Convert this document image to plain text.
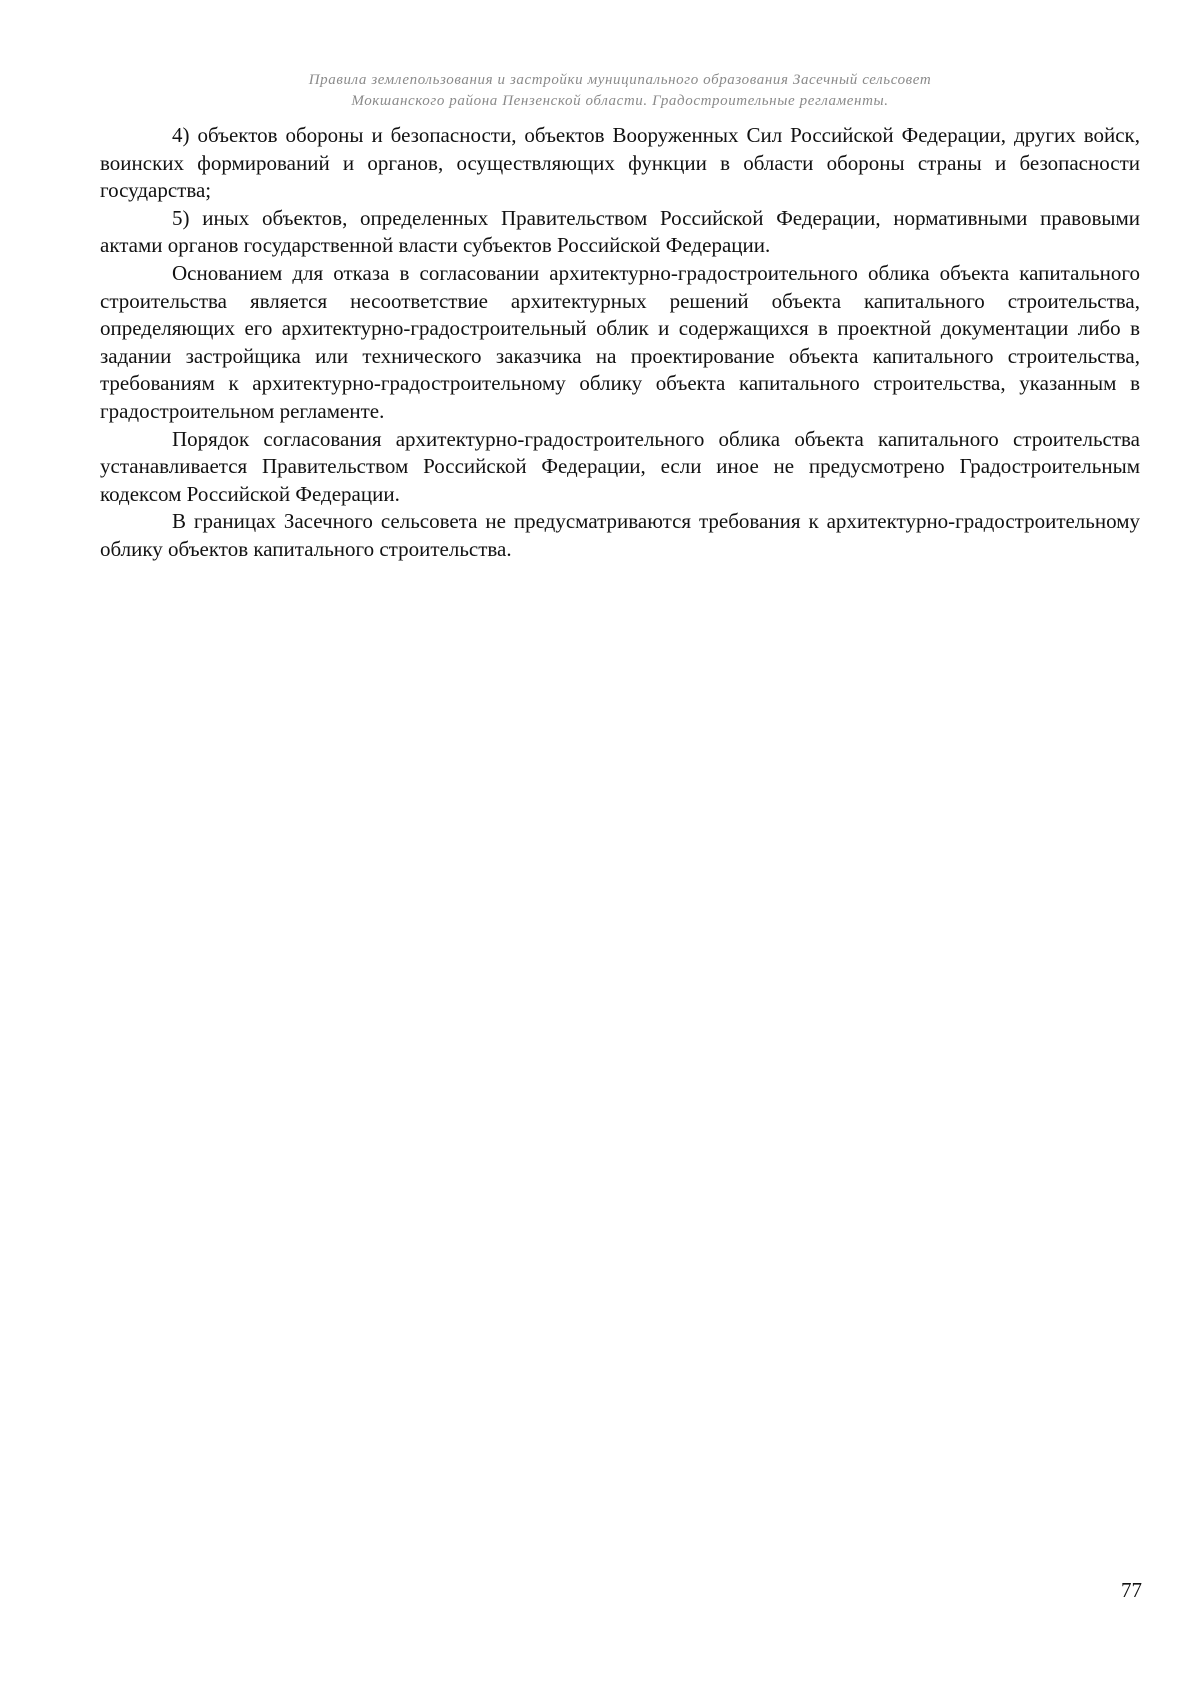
Правила землепользования и застройки муниципального образования Засечный сельсовет
Мокшанского района Пензенской области. Градостроительные регламенты.

4) объектов обороны и безопасности, объектов Вооруженных Сил Российской Федерации, других войск, воинских формирований и органов, осуществляющих функции в области обороны страны и безопасности государства;

5) иных объектов, определенных Правительством Российской Федерации, нормативными правовыми актами органов государственной власти субъектов Российской Федерации.

Основанием для отказа в согласовании архитектурно-градостроительного облика объекта капитального строительства является несоответствие архитектурных решений объекта капитального строительства, определяющих его архитектурно-градостроительный облик и содержащихся в проектной документации либо в задании застройщика или технического заказчика на проектирование объекта капитального строительства, требованиям к архитектурно-градостроительному облику объекта капитального строительства, указанным в градостроительном регламенте.

Порядок согласования архитектурно-градостроительного облика объекта капитального строительства устанавливается Правительством Российской Федерации, если иное не предусмотрено Градостроительным кодексом Российской Федерации.

В границах Засечного сельсовета не предусматриваются требования к архитектурно-градостроительному облику объектов капитального строительства.

77
